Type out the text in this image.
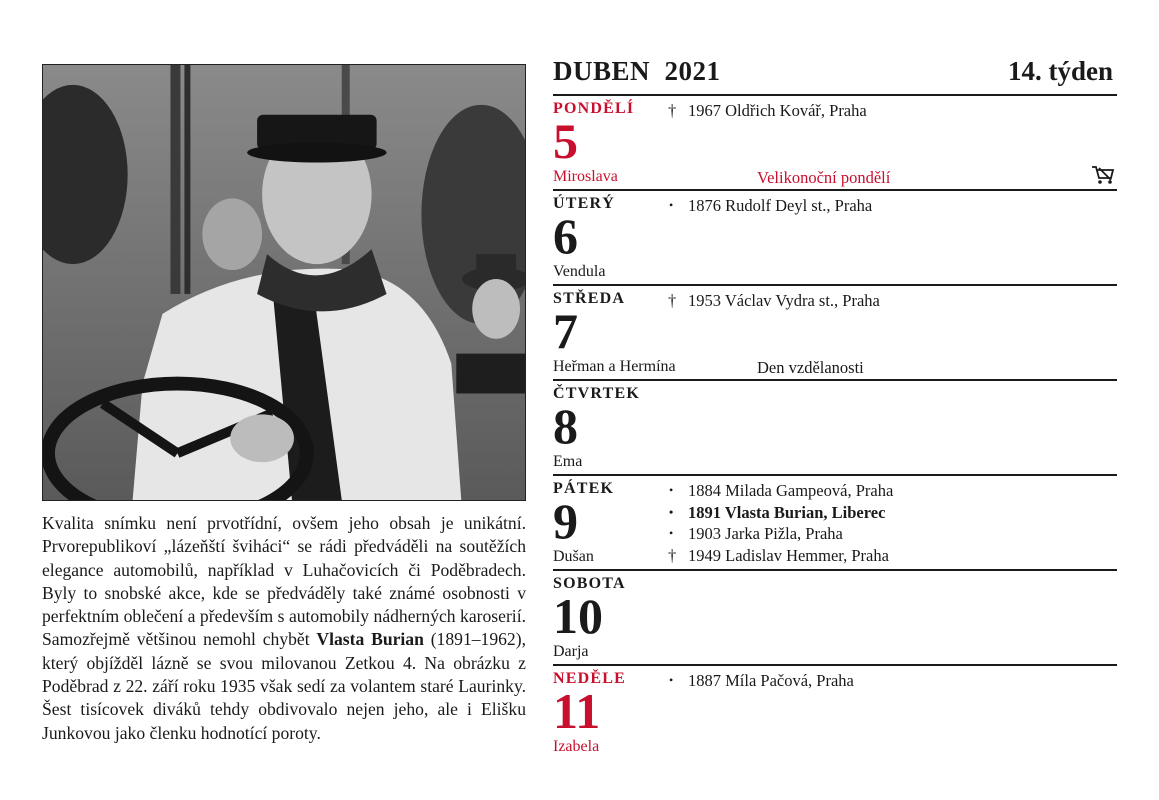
Kvalita snímku není prvotřídní, ovšem jeho obsah je unikátní. Prvorepublikoví „lázeňští šviháci“ se rádi předváděli na soutěžích elegance automobilů, například v Luhačovicích či Poděbradech. Byly to snobské akce, kde se předváděly také známé osobnosti v perfektním oblečení a především s automobily nádherných karoserií. Samozřejmě většinou nemohl chybět Vlasta Burian (1891–1962), který objížděl lázně se svou milovanou Zetkou 4. Na obrázku z Poděbrad z 22. září roku 1935 však sedí za volantem staré Laurinky. Šest tisícovek diváků tehdy obdivovalo nejen jeho, ale i Elišku Junkovou jako členku hodnotící poroty.
DUBEN  2021	14. týden
PONDĚLÍ
5
Miroslava	Velikonoční pondělí
† 1967 Oldřich Kovář, Praha
ÚTERÝ
6
Vendula
• 1876 Rudolf Deyl st., Praha
STŘEDA
7
Heřman a Hermína	Den vzdělanosti
† 1953 Václav Vydra st., Praha
ČTVRTEK
8
Ema
PÁTEK
9
Dušan
• 1884 Milada Gampeová, Praha
• 1891 Vlasta Burian, Liberec
• 1903 Jarka Pižla, Praha
† 1949 Ladislav Hemmer, Praha
SOBOTA
10
Darja
NEDĚLE
11
Izabela
• 1887 Míla Pačová, Praha
